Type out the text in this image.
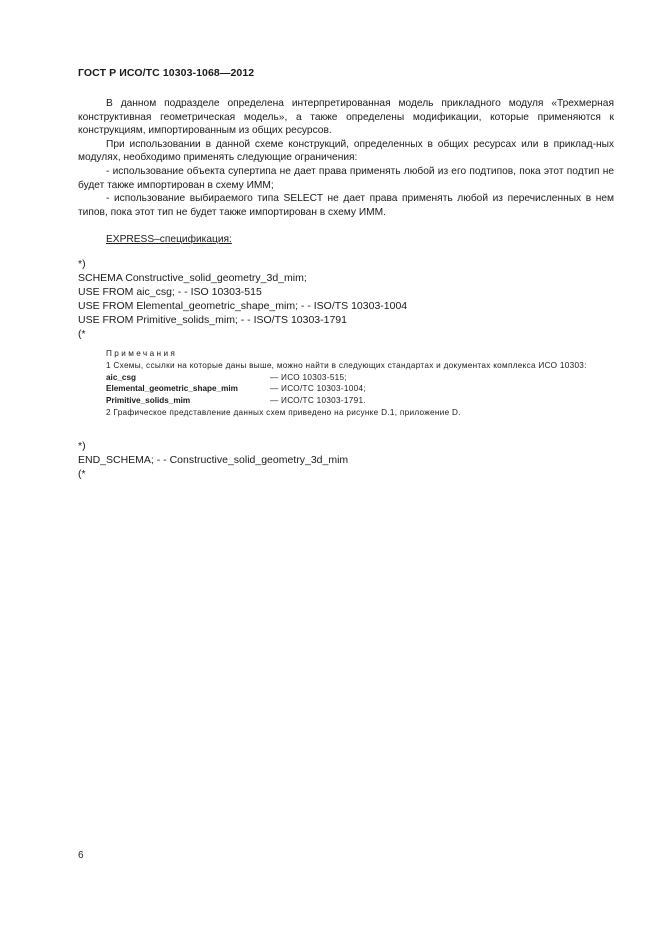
ГОСТ Р ИСО/ТС 10303-1068—2012

В данном подразделе определена интерпретированная модель прикладного модуля «Трехмерная конструктивная геометрическая модель», а также определены модификации, которые применяются к конструкциям, импортированным из общих ресурсов.

При использовании в данной схеме конструкций, определенных в общих ресурсах или в приклад-ных модулях, необходимо применять следующие ограничения:

- использование объекта супертипа не дает права применять любой из его подтипов, пока этот подтип не будет также импортирован в схему ИММ;

- использование выбираемого типа SELECT не дает права применять любой из перечисленных в нем типов, пока этот тип не будет также импортирован в схему ИММ.

EXPRESS–спецификация:
*)
SCHEMA Constructive_solid_geometry_3d_mim;
USE FROM aic_csg; - - ISO 10303-515
USE FROM Elemental_geometric_shape_mim; - - ISO/TS 10303-1004
USE FROM Primitive_solids_mim; - - ISO/TS 10303-1791
(*
Примечания
1 Схемы, ссылки на которые даны выше, можно найти в следующих стандартах и документах комплекса ИСО 10303:
aic_csg	— ИСО 10303-515;
Elemental_geometric_shape_mim	— ИСО/ТС 10303-1004;
Primitive_solids_mim	— ИСО/ТС 10303-1791.
2 Графическое представление данных схем приведено на рисунке D.1, приложение D.
*)
END_SCHEMA; - - Constructive_solid_geometry_3d_mim
(*
6
